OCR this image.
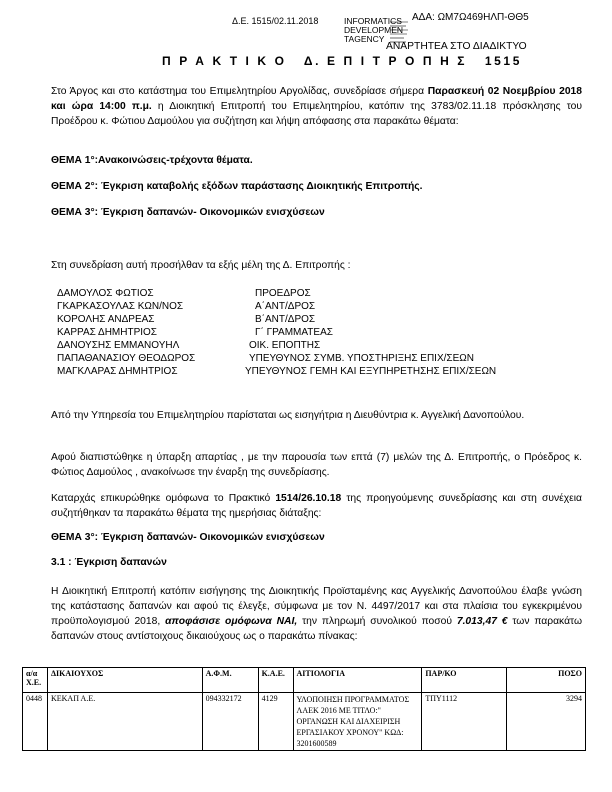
Δ.Ε. 1515/02.11.2018	ΑΔΑ: ΩΜ7Ω469ΗΛΠ-ΘΘ5
INFORMATICS
DEVELOPMEN
TAGENCY
ΑΝΑΡΤΗΤΕΑ ΣΤΟ ΔΙΑΔΙΚΤΥΟ
Π Ρ Α Κ Τ Ι Κ Ο   Δ. Ε Π Ι Τ Ρ Ο Π Η Σ   1515
Στο Άργος και στο κατάστημα του Επιμελητηρίου Αργολίδας, συνεδρίασε σήμερα Παρασκευή 02 Νοεμβρίου 2018 και ώρα 14:00 π.μ. η Διοικητική Επιτροπή του Επιμελητηρίου, κατόπιν της 3783/02.11.18 πρόσκλησης του Προέδρου κ. Φώτιου Δαμούλου για συζήτηση και λήψη απόφασης στα παρακάτω θέματα:
ΘΕΜΑ 1°:Ανακοινώσεις-τρέχοντα θέματα.
ΘΕΜΑ 2°: Έγκριση καταβολής εξόδων παράστασης Διοικητικής Επιτροπής.
ΘΕΜΑ 3°: Έγκριση δαπανών- Οικονομικών ενισχύσεων
Στη συνεδρίαση αυτή προσήλθαν τα εξής μέλη της Δ. Επιτροπής :
ΔΑΜΟΥΛΟΣ ΦΩΤΙΟΣ	ΠΡΟΕΔΡΟΣ
ΓΚΑΡΚΑΣΟΥΛΑΣ ΚΩΝ/ΝΟΣ	Α΄ΑΝΤ/ΔΡΟΣ
ΚΟΡΟΛΗΣ ΑΝΔΡΕΑΣ	Β΄ΑΝΤ/ΔΡΟΣ
ΚΑΡΡΑΣ ΔΗΜΗΤΡΙΟΣ	Γ΄ ΓΡΑΜΜΑΤΕΑΣ
ΔΑΝΟΥΣΗΣ ΕΜΜΑΝΟΥΗΛ	ΟΙΚ. ΕΠΟΠΤΗΣ
ΠΑΠΑΘΑΝΑΣΙΟΥ ΘΕΟΔΩΡΟΣ	ΥΠΕΥΘΥΝΟΣ ΣΥΜΒ. ΥΠΟΣΤΗΡΙΞΗΣ ΕΠΙΧ/ΣΕΩΝ
ΜΑΓΚΛΑΡΑΣ ΔΗΜΗΤΡΙΟΣ	ΥΠΕΥΘΥΝΟΣ ΓΕΜΗ ΚΑΙ ΕΞΥΠΗΡΕΤΗΣΗΣ ΕΠΙΧ/ΣΕΩΝ
Από την Υπηρεσία του Επιμελητηρίου παρίσταται ως εισηγήτρια η Διευθύντρια κ. Αγγελική Δανοπούλου.
Αφού διαπιστώθηκε η ύπαρξη απαρτίας , με την παρουσία των επτά (7) μελών της Δ. Επιτροπής, ο Πρόεδρος κ. Φώτιος Δαμούλος , ανακοίνωσε την έναρξη της συνεδρίασης.
Καταρχάς επικυρώθηκε ομόφωνα το Πρακτικό 1514/26.10.18 της προηγούμενης συνεδρίασης και στη συνέχεια συζητήθηκαν τα παρακάτω θέματα της ημερήσιας διάταξης:
ΘΕΜΑ 3°: Έγκριση δαπανών- Οικονομικών ενισχύσεων
3.1 : Έγκριση δαπανών
Η Διοικητική Επιτροπή κατόπιν εισήγησης της Διοικητικής Προϊσταμένης κας Αγγελικής Δανοπούλου έλαβε γνώση της κατάστασης δαπανών και αφού τις έλεγξε, σύμφωνα με τον Ν. 4497/2017 και στα πλαίσια του εγκεκριμένου προϋπολογισμού 2018, αποφάσισε ομόφωνα ΝΑΙ, την πληρωμή συνολικού ποσού 7.013,47 € των παρακάτω δαπανών στους αντίστοιχους δικαιούχους ως ο παρακάτω πίνακας:
α/α Χ.Ε.	ΔΙΚΑΙΟΥΧΟΣ	Α.Φ.Μ.	Κ.Α.Ε.	ΑΙΤΙΟΛΟΓΙΑ	ΠΑΡ/ΚΟ	ΠΟΣΟ
0448	ΚΕΚΑΠ Α.Ε.	094332172	4129	ΥΛΟΠΟΙΗΣΗ ΠΡΟΓΡΑΜΜΑΤΟΣ ΛΑΕΚ 2016 ΜΕ ΤΙΤΛΟ:" ΟΡΓΑΝΩΣΗ ΚΑΙ ΔΙΑΧΕΙΡΙΣΗ ΕΡΓΑΣΙΑΚΟΥ ΧΡΟΝΟΥ" ΚΩΔ: 3201600589	ΤΠΥ1112	3294
